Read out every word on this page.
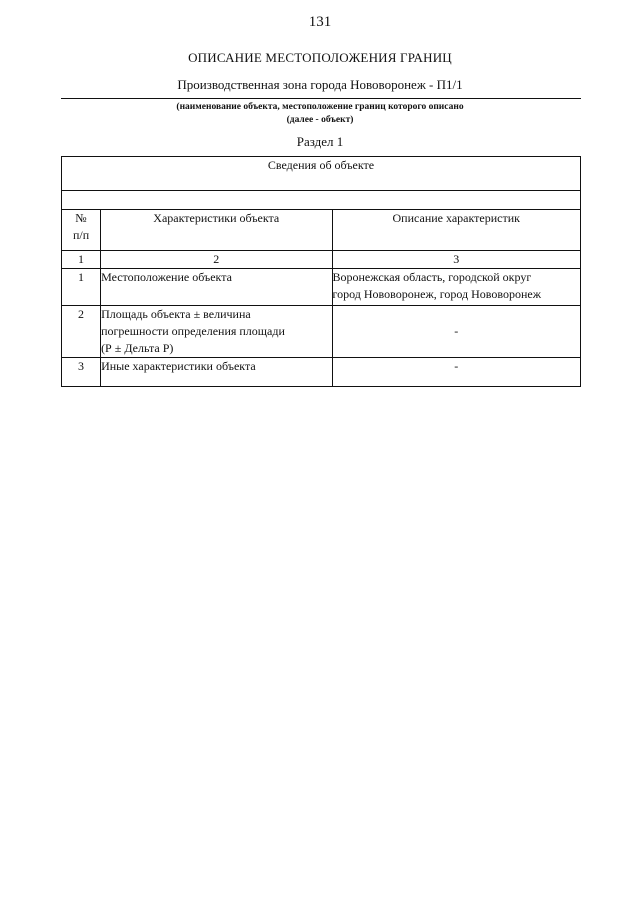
131
ОПИСАНИЕ МЕСТОПОЛОЖЕНИЯ ГРАНИЦ
Производственная зона города Нововоронеж - П1/1
(наименование объекта, местоположение границ которого описано
(далее - объект)
Раздел 1
Сведения об объекте		

№
п/п	Характеристики объекта	Описание характеристик
1	2	3
1	Местоположение объекта	Воронежская область, городской округ
город Нововоронеж, город Нововоронеж

2	Площадь объекта ± величина
погрешности определения площади
(Р ± Дельта Р)	-
3	Иные характеристики объекта	-
